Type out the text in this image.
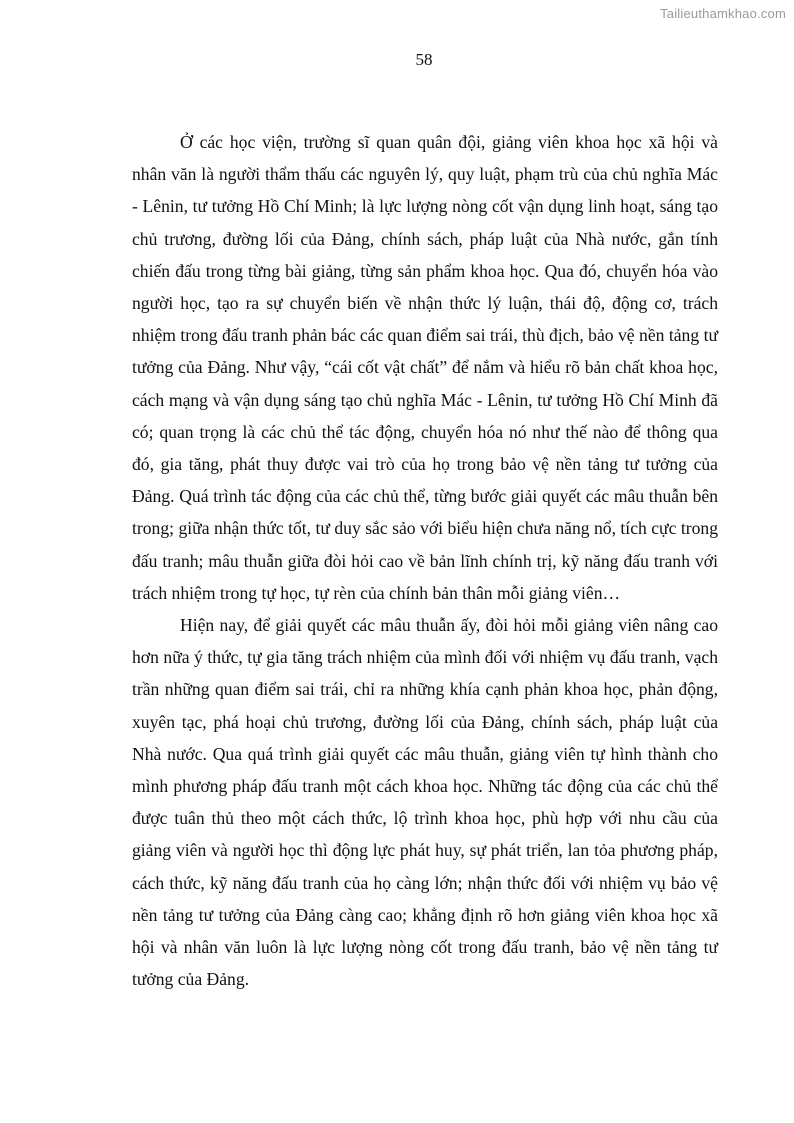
Tailieuthamkhao.com
58

Ở các học viện, trường sĩ quan quân đội, giảng viên khoa học xã hội và nhân văn là người thẩm thấu các nguyên lý, quy luật, phạm trù của chủ nghĩa Mác - Lênin, tư tưởng Hồ Chí Minh; là lực lượng nòng cốt vận dụng linh hoạt, sáng tạo chủ trương, đường lối của Đảng, chính sách, pháp luật của Nhà nước, gắn tính chiến đấu trong từng bài giảng, từng sản phẩm khoa học. Qua đó, chuyển hóa vào người học, tạo ra sự chuyển biến về nhận thức lý luận, thái độ, động cơ, trách nhiệm trong đấu tranh phản bác các quan điểm sai trái, thù địch, bảo vệ nền tảng tư tưởng của Đảng. Như vậy, “cái cốt vật chất” để nắm và hiểu rõ bản chất khoa học, cách mạng và vận dụng sáng tạo chủ nghĩa Mác - Lênin, tư tưởng Hồ Chí Minh đã có; quan trọng là các chủ thể tác động, chuyển hóa nó như thế nào để thông qua đó, gia tăng, phát thuy được vai trò của họ trong bảo vệ nền tảng tư tưởng của Đảng. Quá trình tác động của các chủ thể, từng bước giải quyết các mâu thuẫn bên trong; giữa nhận thức tốt, tư duy sắc sảo với biểu hiện chưa năng nổ, tích cực trong đấu tranh; mâu thuẫn giữa đòi hỏi cao về bản lĩnh chính trị, kỹ năng đấu tranh với trách nhiệm trong tự học, tự rèn của chính bản thân mỗi giảng viên…

Hiện nay, để giải quyết các mâu thuẫn ấy, đòi hỏi mỗi giảng viên nâng cao hơn nữa ý thức, tự gia tăng trách nhiệm của mình đối với nhiệm vụ đấu tranh, vạch trần những quan điểm sai trái, chỉ ra những khía cạnh phản khoa học, phản động, xuyên tạc, phá hoại chủ trương, đường lối của Đảng, chính sách, pháp luật của Nhà nước. Qua quá trình giải quyết các mâu thuẫn, giảng viên tự hình thành cho mình phương pháp đấu tranh một cách khoa học. Những tác động của các chủ thể được tuân thủ theo một cách thức, lộ trình khoa học, phù hợp với nhu cầu của giảng viên và người học thì động lực phát huy, sự phát triển, lan tỏa phương pháp, cách thức, kỹ năng đấu tranh của họ càng lớn; nhận thức đối với nhiệm vụ bảo vệ nền tảng tư tưởng của Đảng càng cao; khẳng định rõ hơn giảng viên khoa học xã hội và nhân văn luôn là lực lượng nòng cốt trong đấu tranh, bảo vệ nền tảng tư tưởng của Đảng.
